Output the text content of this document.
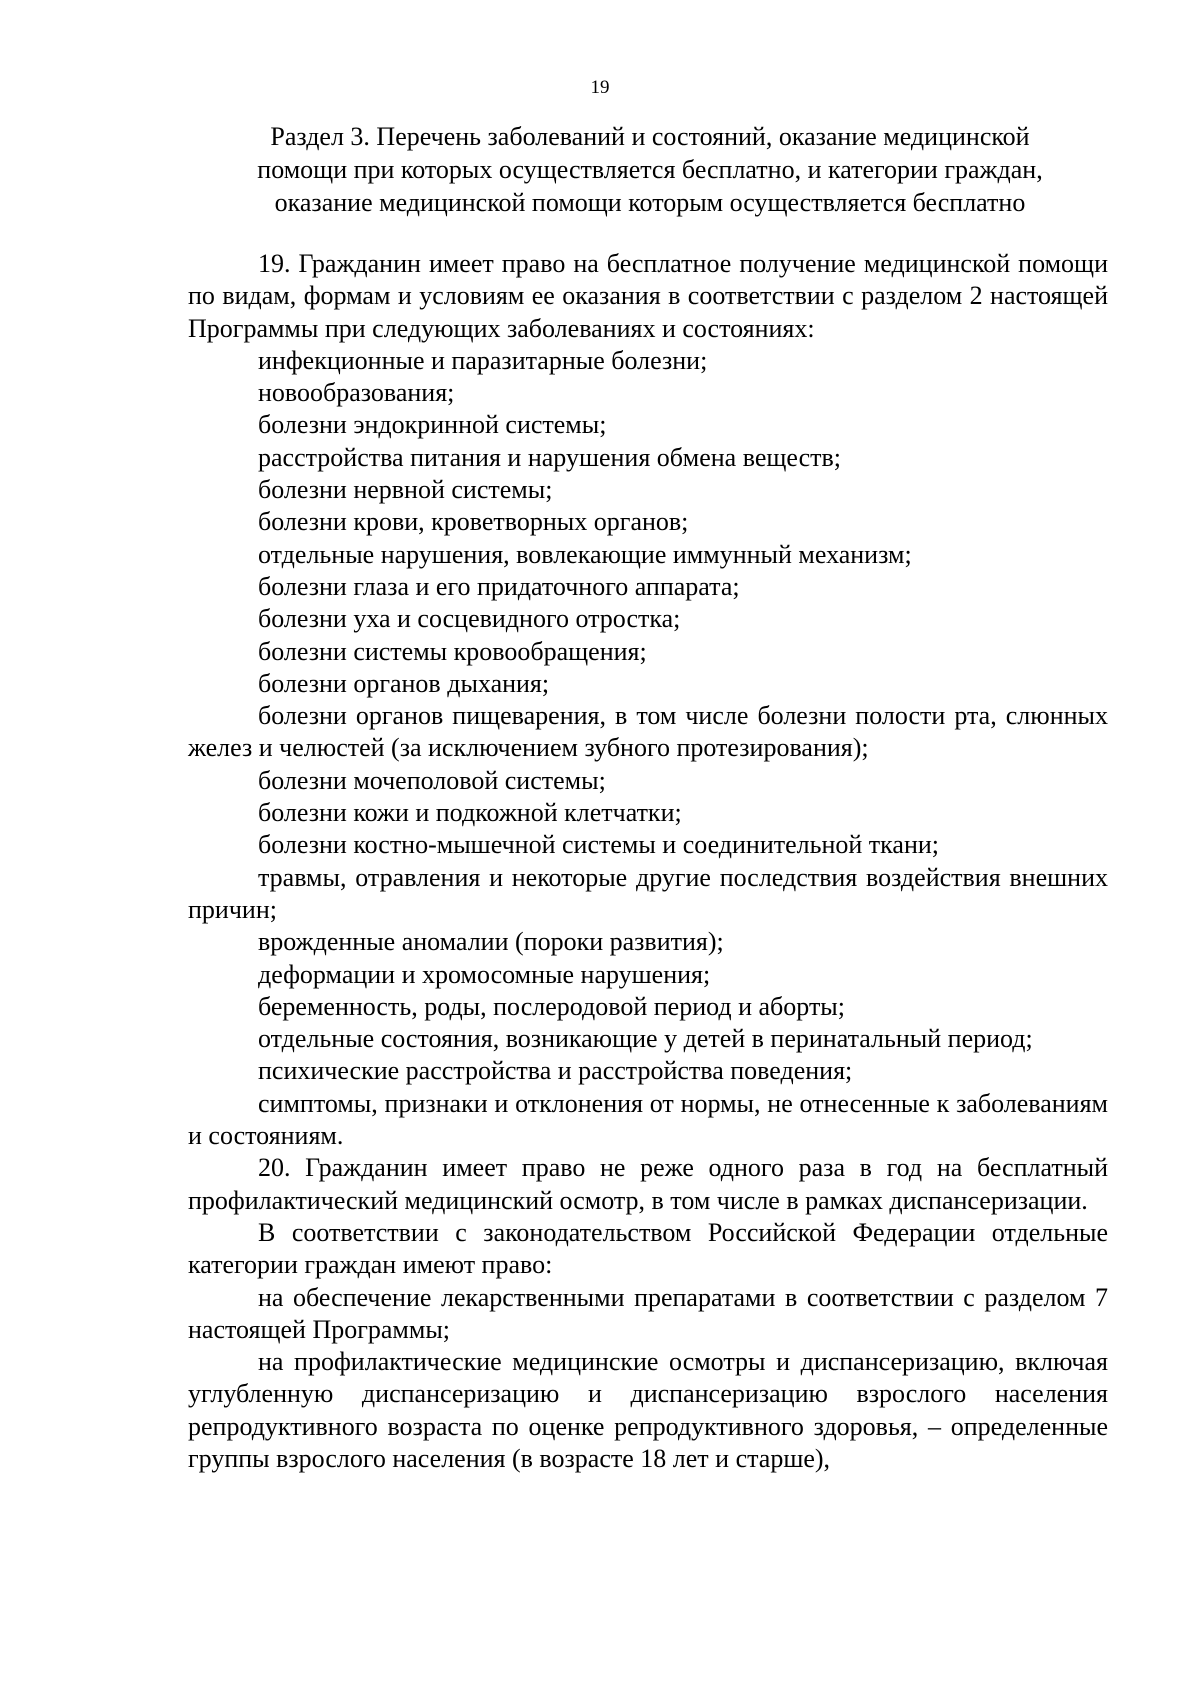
19
Раздел 3. Перечень заболеваний и состояний, оказание медицинской
помощи при которых осуществляется бесплатно, и категории граждан,
оказание медицинской помощи которым осуществляется бесплатно

19. Гражданин имеет право на бесплатное получение медицинской помощи по видам, формам и условиям ее оказания в соответствии с разделом 2 настоящей Программы при следующих заболеваниях и состояниях:

инфекционные и паразитарные болезни;

новообразования;

болезни эндокринной системы;

расстройства питания и нарушения обмена веществ;

болезни нервной системы;

болезни крови, кроветворных органов;

отдельные нарушения, вовлекающие иммунный механизм;

болезни глаза и его придаточного аппарата;

болезни уха и сосцевидного отростка;

болезни системы кровообращения;

болезни органов дыхания;

болезни органов пищеварения, в том числе болезни полости рта, слюнных желез и челюстей (за исключением зубного протезирования);

болезни мочеполовой системы;

болезни кожи и подкожной клетчатки;

болезни костно-мышечной системы и соединительной ткани;

травмы, отравления и некоторые другие последствия воздействия внешних причин;

врожденные аномалии (пороки развития);

деформации и хромосомные нарушения;

беременность, роды, послеродовой период и аборты;

отдельные состояния, возникающие у детей в перинатальный период;

психические расстройства и расстройства поведения;

симптомы, признаки и отклонения от нормы, не отнесенные к заболеваниям и состояниям.

20. Гражданин имеет право не реже одного раза в год на бесплатный профилактический медицинский осмотр, в том числе в рамках диспансеризации.

В соответствии с законодательством Российской Федерации отдельные категории граждан имеют право:

на обеспечение лекарственными препаратами в соответствии с разделом 7 настоящей Программы;

на профилактические медицинские осмотры и диспансеризацию, включая углубленную диспансеризацию и диспансеризацию взрослого населения репродуктивного возраста по оценке репродуктивного здоровья, – определенные группы взрослого населения (в возрасте 18 лет и старше),
